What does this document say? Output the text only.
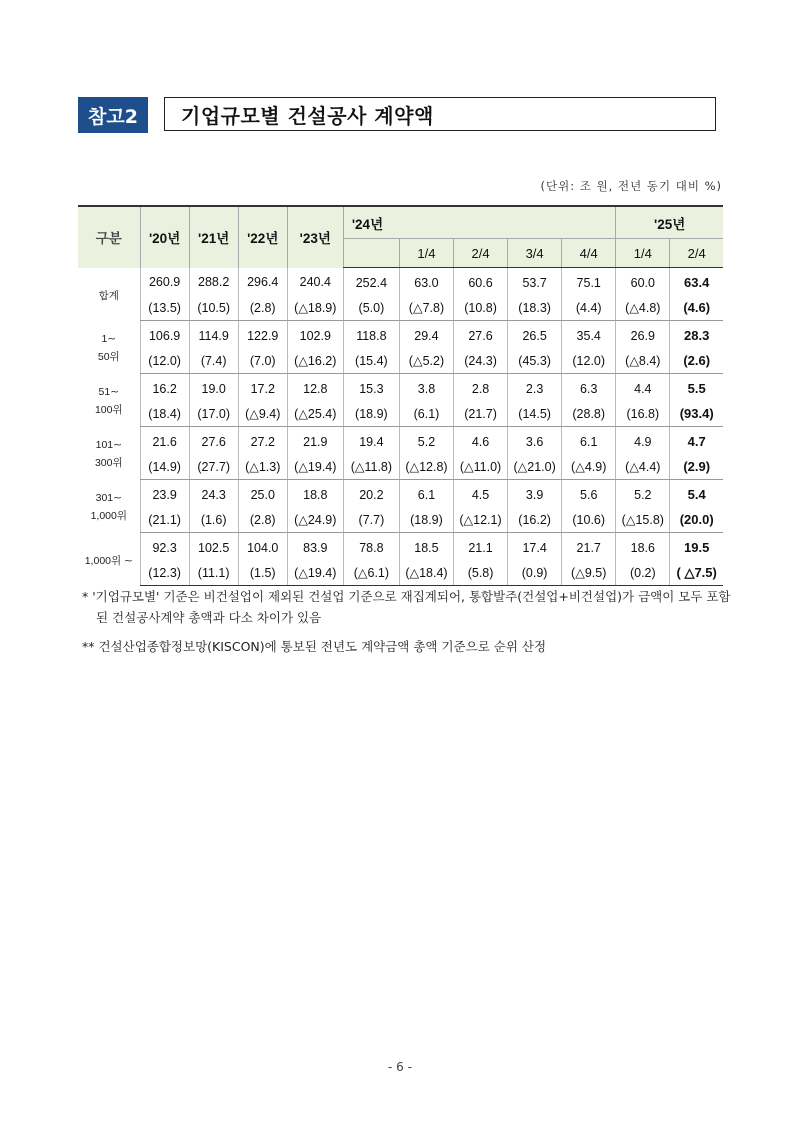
참고2	기업규모별 건설공사 계약액
(단위: 조 원, 전년 동기 대비 %)
구분	'20년	'21년	'22년	'23년	'24년					'25년	
						1/4	2/4	3/4	4/4	1/4	2/4

합계	260.9	288.2	296.4	240.4	252.4	63.0	60.6	53.7	75.1	60.0	63.4
	(13.5)	(10.5)	(2.8)	(△18.9)	(5.0)	(△7.8)	(10.8)	(18.3)	(4.4)	(△4.8)	(4.6)

1∼
50위	106.9	114.9	122.9	102.9	118.8	29.4	27.6	26.5	35.4	26.9	28.3
	(12.0)	(7.4)	(7.0)	(△16.2)	(15.4)	(△5.2)	(24.3)	(45.3)	(12.0)	(△8.4)	(2.6)

51∼
100위	16.2	19.0	17.2	12.8	15.3	3.8	2.8	2.3	6.3	4.4	5.5
	(18.4)	(17.0)	(△9.4)	(△25.4)	(18.9)	(6.1)	(21.7)	(14.5)	(28.8)	(16.8)	(93.4)

101∼
300위	21.6	27.6	27.2	21.9	19.4	5.2	4.6	3.6	6.1	4.9	4.7
	(14.9)	(27.7)	(△1.3)	(△19.4)	(△11.8)	(△12.8)	(△11.0)	(△21.0)	(△4.9)	(△4.4)	(2.9)

301∼
1,000위	23.9	24.3	25.0	18.8	20.2	6.1	4.5	3.9	5.6	5.2	5.4
	(21.1)	(1.6)	(2.8)	(△24.9)	(7.7)	(18.9)	(△12.1)	(16.2)	(10.6)	(△15.8)	(20.0)

1,000위 ∼	92.3	102.5	104.0	83.9	78.8	18.5	21.1	17.4	21.7	18.6	19.5
	(12.3)	(11.1)	(1.5)	(△19.4)	(△6.1)	(△18.4)	(5.8)	(0.9)	(△9.5)	(0.2)	( △7.5)
* '기업규모별' 기준은 비건설업이 제외된 건설업 기준으로 재집계되어, 통합발주(건설업+비건설업)가 금액이 모두 포함된 건설공사계약 총액과 다소 차이가 있음
** 건설산업종합정보망(KISCON)에 통보된 전년도 계약금액 총액 기준으로 순위 산정
- 6 -
